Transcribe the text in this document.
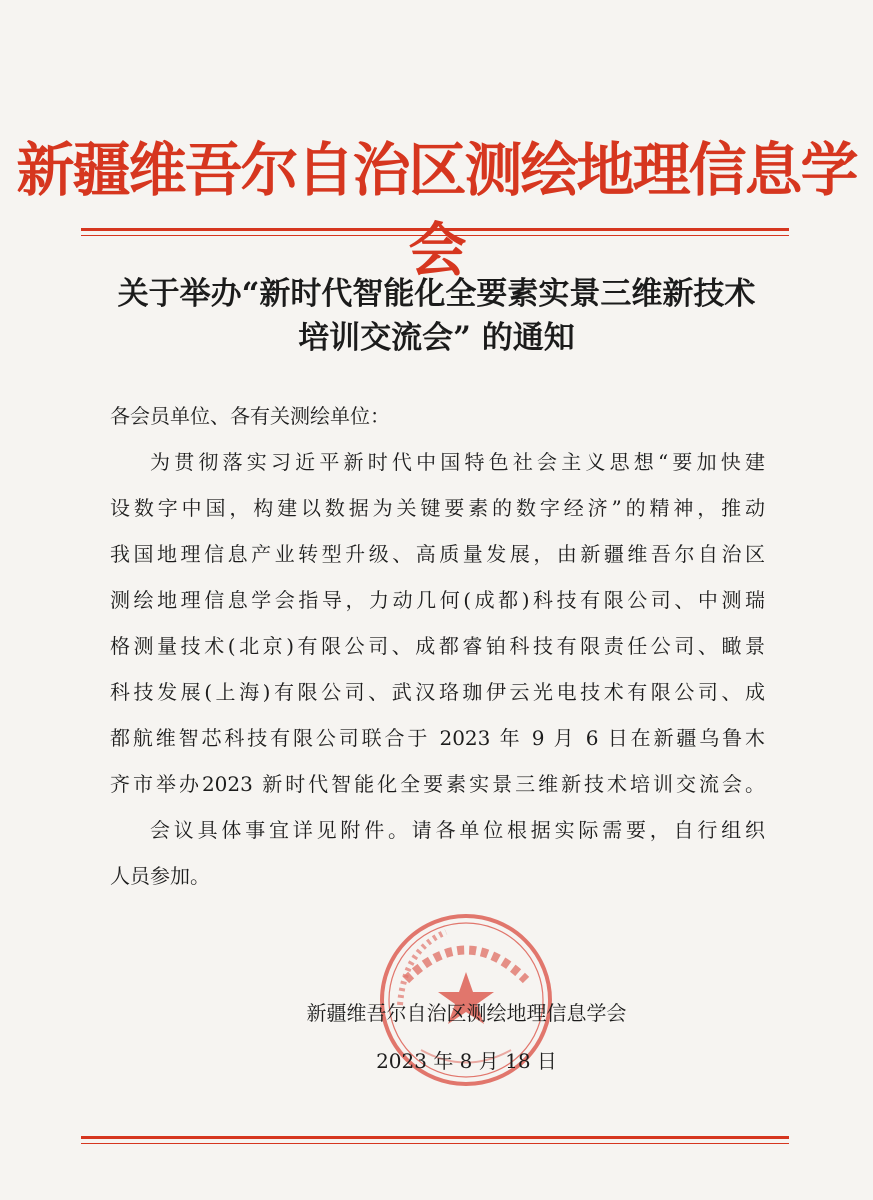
新疆维吾尔自治区测绘地理信息学会
关于举办“新时代智能化全要素实景三维新技术
培训交流会” 的通知
各会员单位、各有关测绘单位：
为贯彻落实习近平新时代中国特色社会主义思想“要加快建
设数字中国，构建以数据为关键要素的数字经济”的精神，推动
我国地理信息产业转型升级、高质量发展，由新疆维吾尔自治区
测绘地理信息学会指导，力动几何(成都)科技有限公司、中测瑞
格测量技术(北京)有限公司、成都睿铂科技有限责任公司、瞰景
科技发展(上海)有限公司、武汉珞珈伊云光电技术有限公司、成
都航维智芯科技有限公司联合于 2023 年 9 月 6 日在新疆乌鲁木
齐市举办2023 新时代智能化全要素实景三维新技术培训交流会。
会议具体事宜详见附件。请各单位根据实际需要，自行组织
人员参加。
新疆维吾尔自治区测绘地理信息学会
2023 年 8 月 18 日
